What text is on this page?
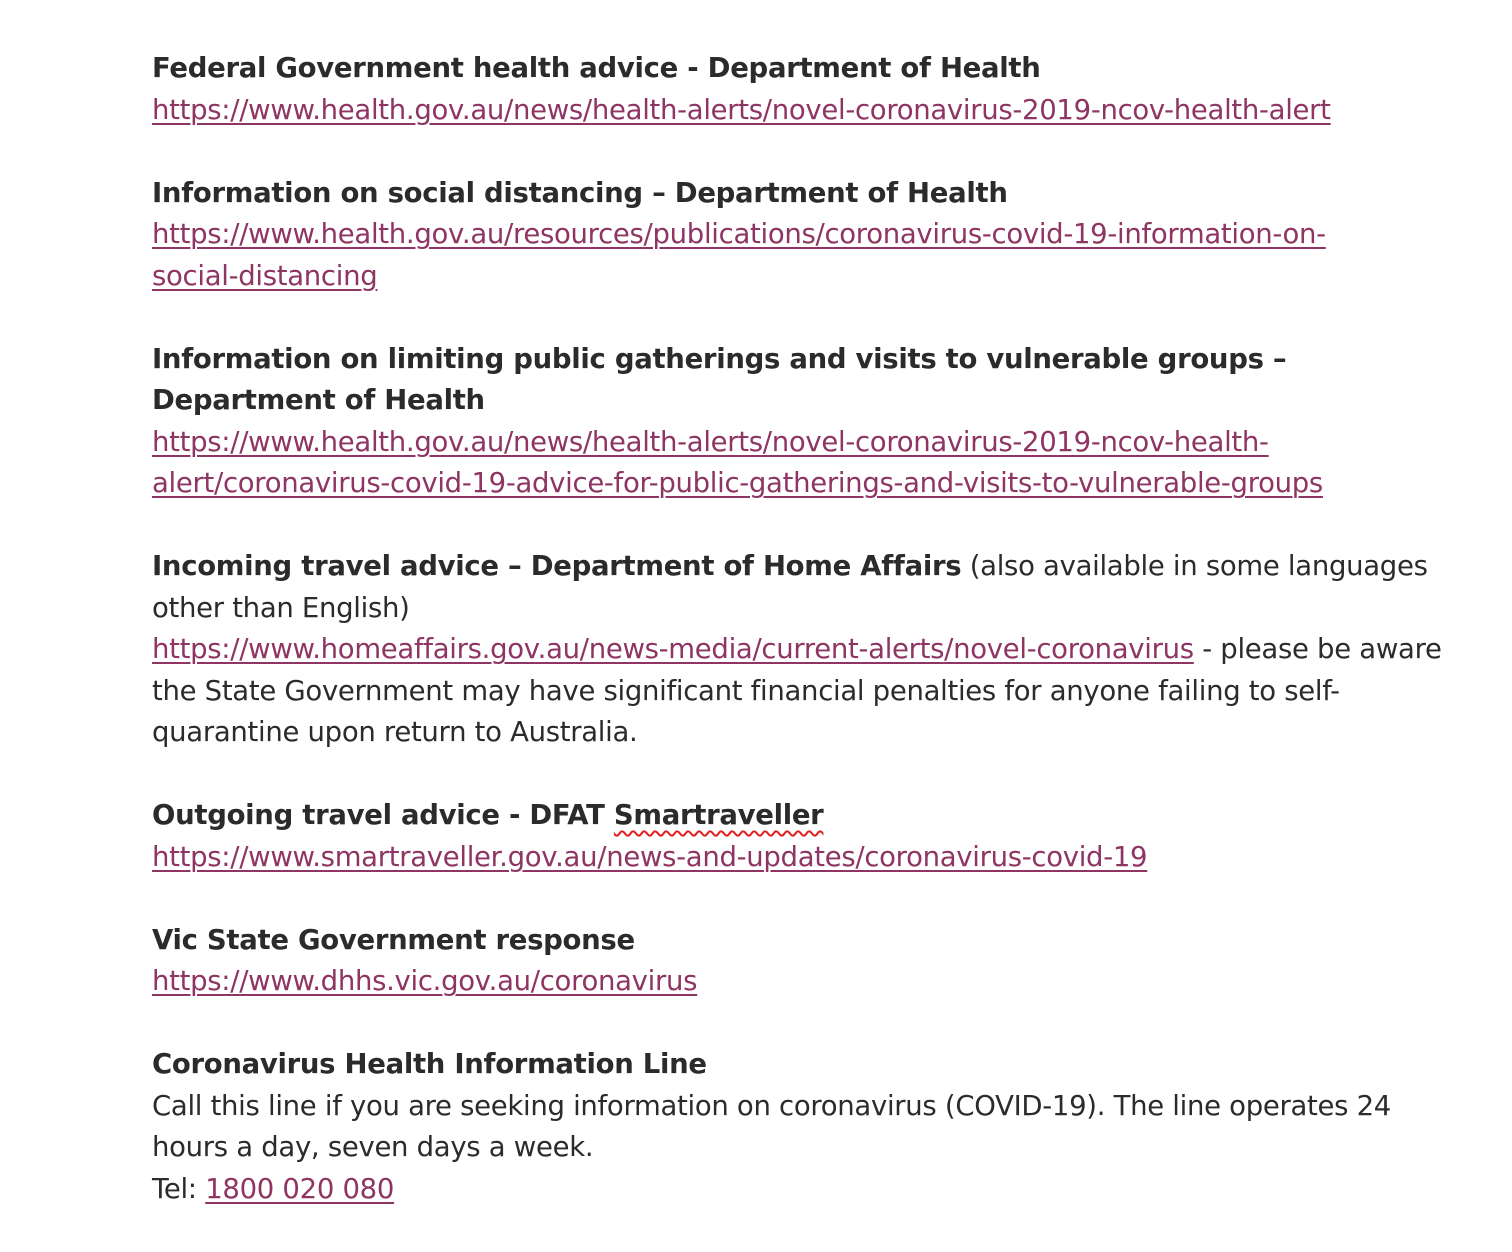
Federal Government health advice - Department of Health
https://www.health.gov.au/news/health-alerts/novel-coronavirus-2019-ncov-health-alert
Information on social distancing – Department of Health
https://www.health.gov.au/resources/publications/coronavirus-covid-19-information-on-
social-distancing
Information on limiting public gatherings and visits to vulnerable groups – Department of Health
https://www.health.gov.au/news/health-alerts/novel-coronavirus-2019-ncov-health-
alert/coronavirus-covid-19-advice-for-public-gatherings-and-visits-to-vulnerable-groups
Incoming travel advice – Department of Home Affairs (also available in some languages other than English)
https://www.homeaffairs.gov.au/news-media/current-alerts/novel-coronavirus - please be aware the State Government may have significant financial penalties for anyone failing to self-quarantine upon return to Australia.
Outgoing travel advice - DFAT Smartraveller
https://www.smartraveller.gov.au/news-and-updates/coronavirus-covid-19
Vic State Government response
https://www.dhhs.vic.gov.au/coronavirus
Coronavirus Health Information Line
Call this line if you are seeking information on coronavirus (COVID-19). The line operates 24 hours a day, seven days a week.
Tel: 1800 020 080
